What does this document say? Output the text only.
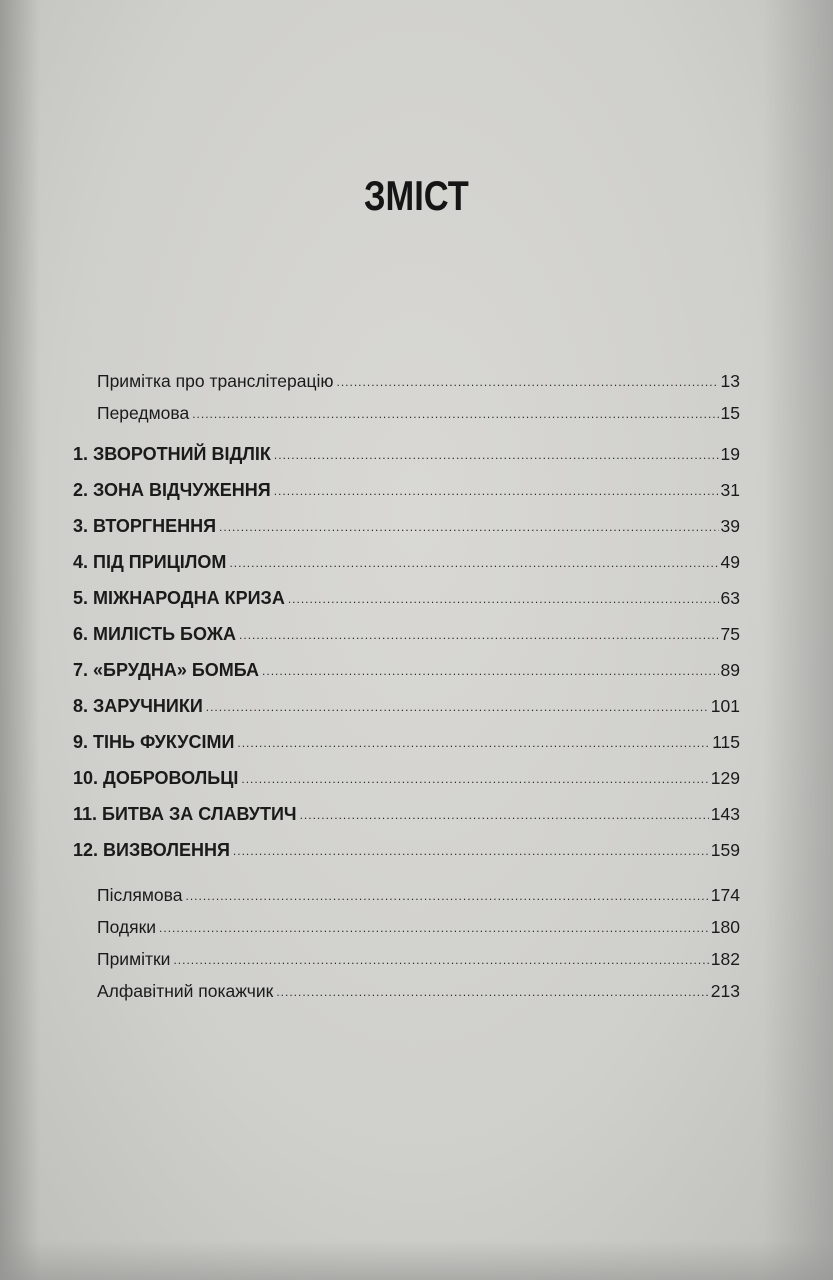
ЗМІСТ
Примітка про транслітерацію .....	13
Передмова .....	15
1. ЗВОРОТНИЙ ВІДЛІК .....	19
2. ЗОНА ВІДЧУЖЕННЯ .....	31
3. ВТОРГНЕННЯ .....	39
4. ПІД ПРИЦІЛОМ .....	49
5. МІЖНАРОДНА КРИЗА .....	63
6. МИЛІСТЬ БОЖА .....	75
7. «БРУДНА» БОМБА .....	89
8. ЗАРУЧНИКИ .....	101
9. ТІНЬ ФУКУСІМИ .....	115
10. ДОБРОВОЛЬЦІ .....	129
11. БИТВА ЗА СЛАВУТИЧ .....	143
12. ВИЗВОЛЕННЯ .....	159
Післямова .....	174
Подяки .....	180
Примітки .....	182
Алфавітний покажчик .....	213
